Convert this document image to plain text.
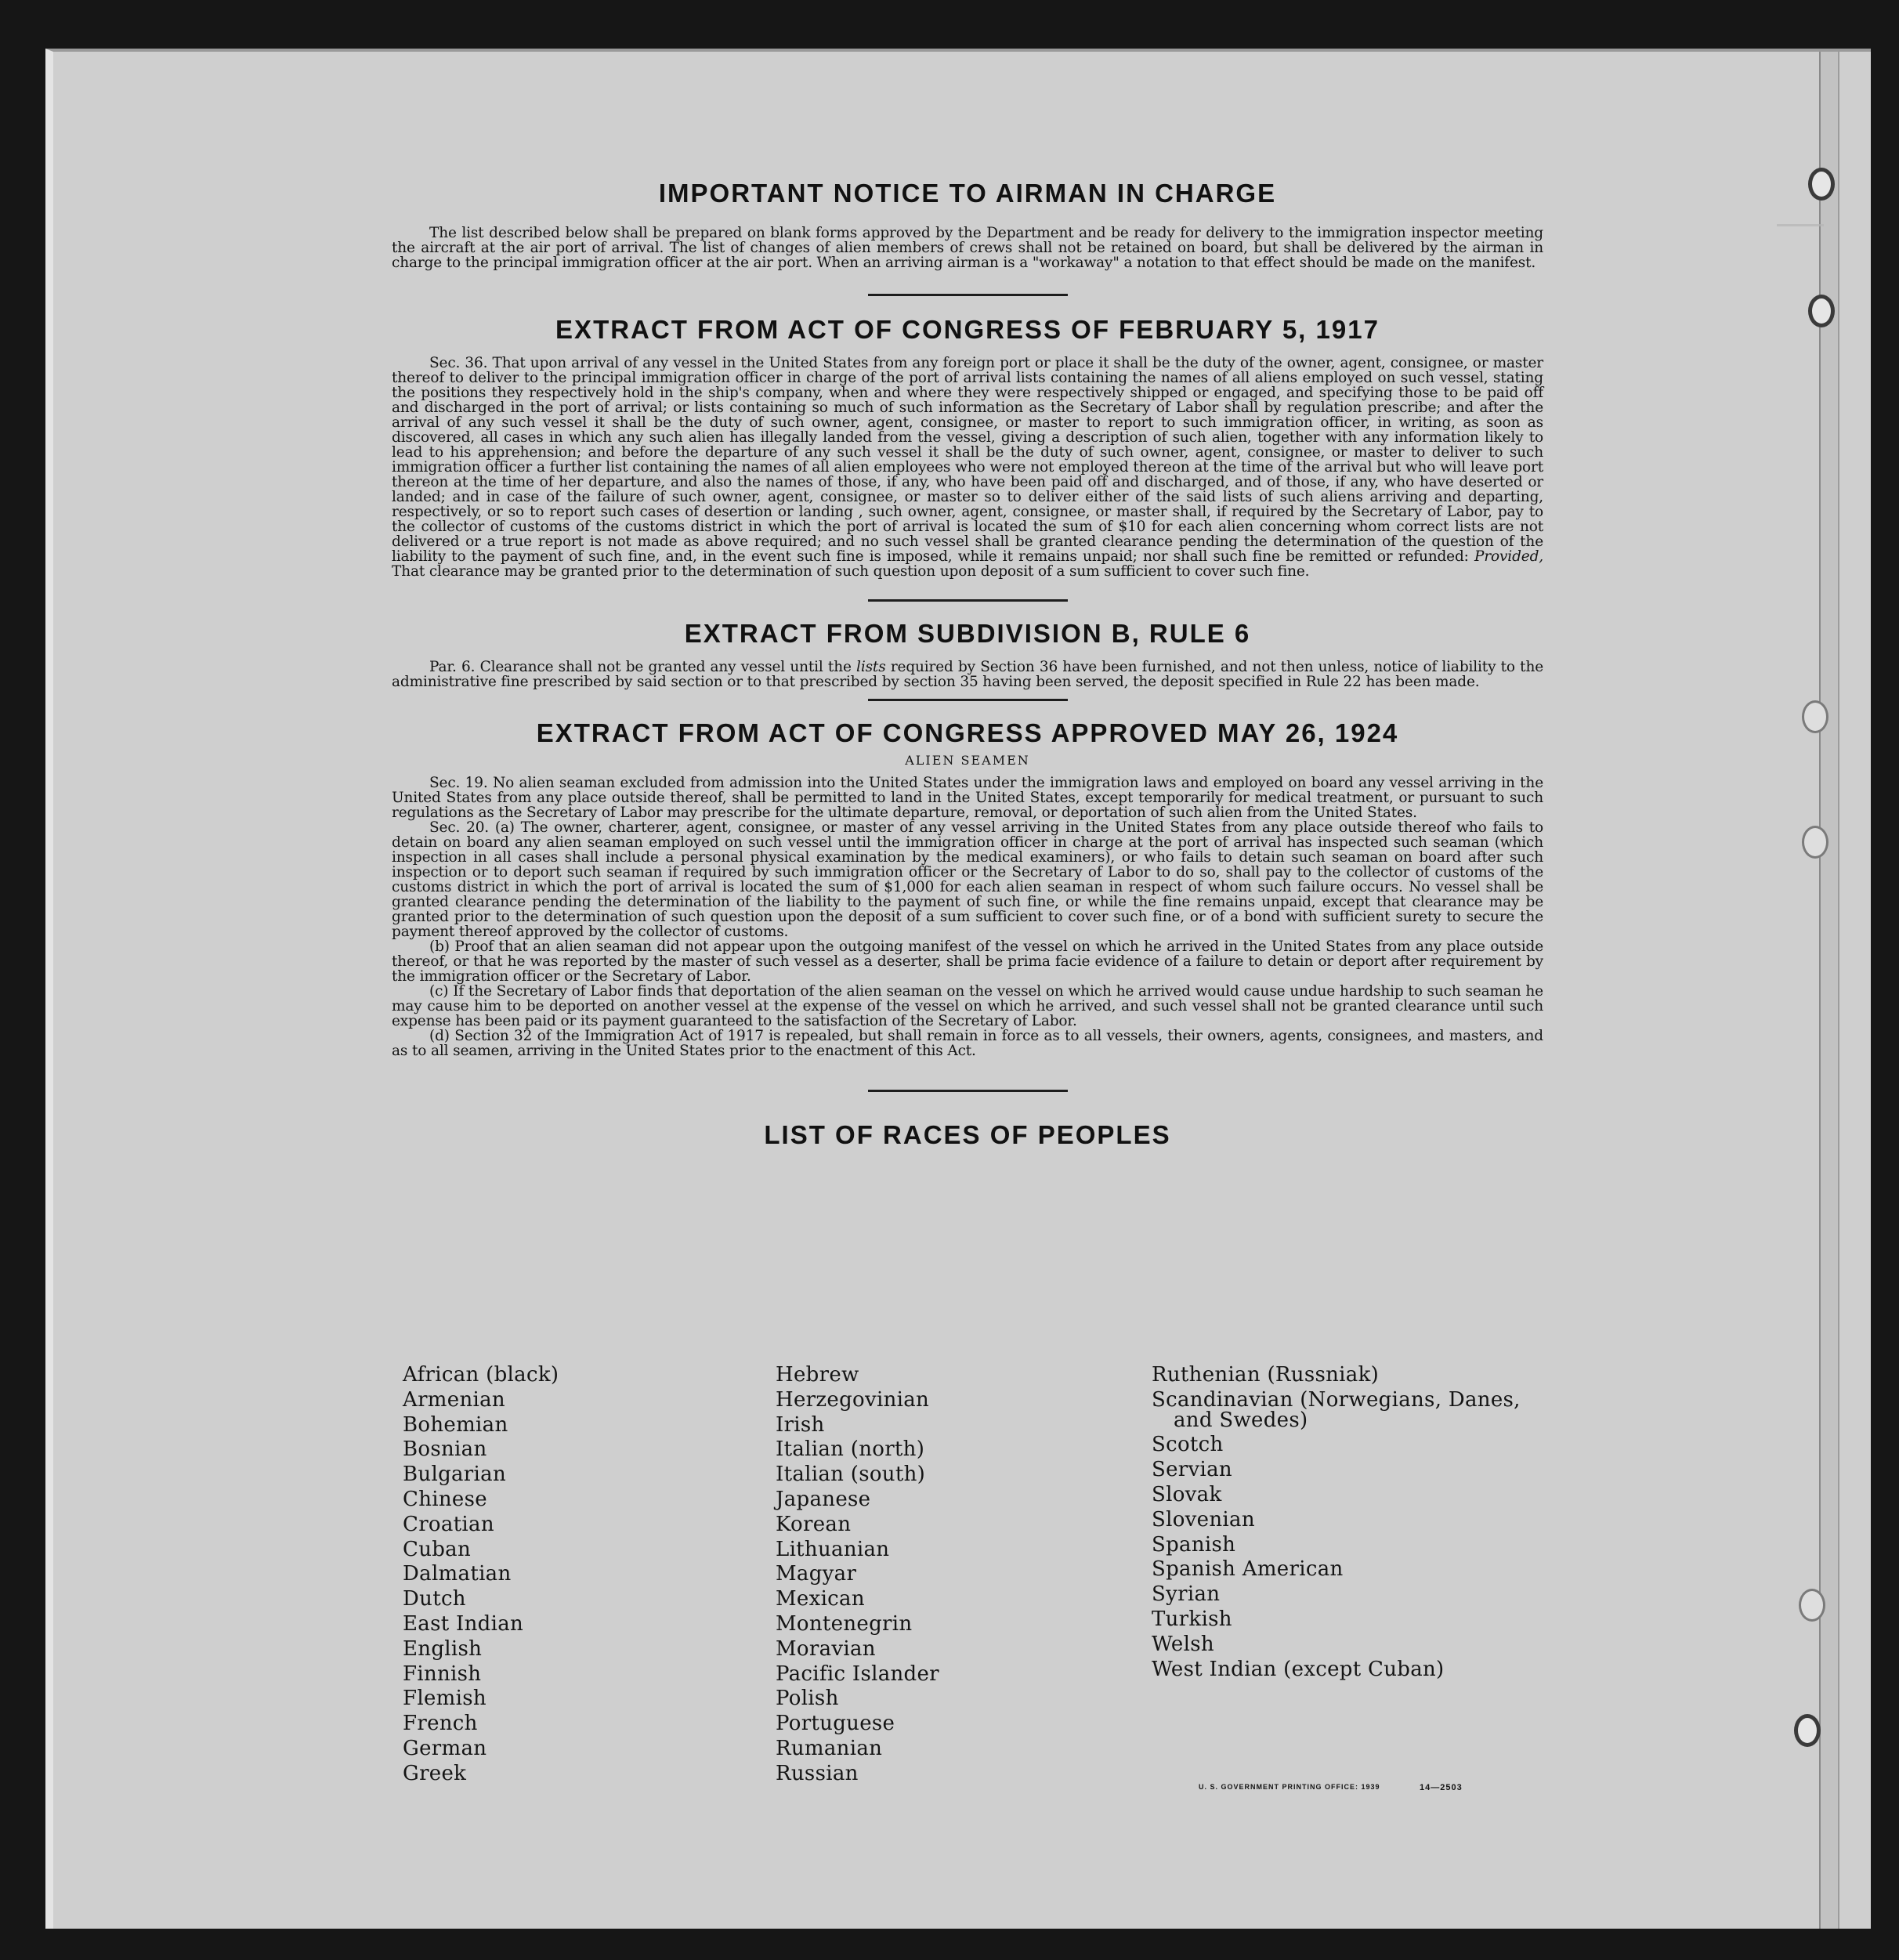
IMPORTANT NOTICE TO AIRMAN IN CHARGE

The list described below shall be prepared on blank forms approved by the Department and be ready for delivery to the immigration inspector meeting the aircraft at the air port of arrival. The list of changes of alien members of crews shall not be retained on board, but shall be delivered by the airman in charge to the principal immigration officer at the air port. When an arriving airman is a "workaway" a notation to that effect should be made on the manifest.

EXTRACT FROM ACT OF CONGRESS OF FEBRUARY 5, 1917

Sec. 36. That upon arrival of any vessel in the United States from any foreign port or place it shall be the duty of the owner, agent, consignee, or master thereof to deliver to the principal immigration officer in charge of the port of arrival lists containing the names of all aliens employed on such vessel, stating the positions they respectively hold in the ship's company, when and where they were respectively shipped or engaged, and specifying those to be paid off and discharged in the port of arrival; or lists containing so much of such information as the Secretary of Labor shall by regulation prescribe; and after the arrival of any such vessel it shall be the duty of such owner, agent, consignee, or master to report to such immigration officer, in writing, as soon as discovered, all cases in which any such alien has illegally landed from the vessel, giving a description of such alien, together with any information likely to lead to his apprehension; and before the departure of any such vessel it shall be the duty of such owner, agent, consignee, or master to deliver to such immigration officer a further list containing the names of all alien employees who were not employed thereon at the time of the arrival but who will leave port thereon at the time of her departure, and also the names of those, if any, who have been paid off and discharged, and of those, if any, who have deserted or landed; and in case of the failure of such owner, agent, consignee, or master so to deliver either of the said lists of such aliens arriving and departing, respectively, or so to report such cases of desertion or landing , such owner, agent, consignee, or master shall, if required by the Secretary of Labor, pay to the collector of customs of the customs district in which the port of arrival is located the sum of $10 for each alien concerning whom correct lists are not delivered or a true report is not made as above required; and no such vessel shall be granted clearance pending the determination of the question of the liability to the payment of such fine, and, in the event such fine is imposed, while it remains unpaid; nor shall such fine be remitted or refunded: Provided, That clearance may be granted prior to the determination of such question upon deposit of a sum sufficient to cover such fine.

EXTRACT FROM SUBDIVISION B, RULE 6

Par. 6. Clearance shall not be granted any vessel until the lists required by Section 36 have been furnished, and not then unless, notice of liability to the administrative fine prescribed by said section or to that prescribed by section 35 having been served, the deposit specified in Rule 22 has been made.

EXTRACT FROM ACT OF CONGRESS APPROVED MAY 26, 1924
ALIEN SEAMEN

Sec. 19. No alien seaman excluded from admission into the United States under the immigration laws and employed on board any vessel arriving in the United States from any place outside thereof, shall be permitted to land in the United States, except temporarily for medical treatment, or pursuant to such regulations as the Secretary of Labor may prescribe for the ultimate departure, removal, or deportation of such alien from the United States.

Sec. 20. (a) The owner, charterer, agent, consignee, or master of any vessel arriving in the United States from any place outside thereof who fails to detain on board any alien seaman employed on such vessel until the immigration officer in charge at the port of arrival has inspected such seaman (which inspection in all cases shall include a personal physical examination by the medical examiners), or who fails to detain such seaman on board after such inspection or to deport such seaman if required by such immigration officer or the Secretary of Labor to do so, shall pay to the collector of customs of the customs district in which the port of arrival is located the sum of $1,000 for each alien seaman in respect of whom such failure occurs. No vessel shall be granted clearance pending the determination of the liability to the payment of such fine, or while the fine remains unpaid, except that clearance may be granted prior to the determination of such question upon the deposit of a sum sufficient to cover such fine, or of a bond with sufficient surety to secure the payment thereof approved by the collector of customs.

(b) Proof that an alien seaman did not appear upon the outgoing manifest of the vessel on which he arrived in the United States from any place outside thereof, or that he was reported by the master of such vessel as a deserter, shall be prima facie evidence of a failure to detain or deport after requirement by the immigration officer or the Secretary of Labor.

(c) If the Secretary of Labor finds that deportation of the alien seaman on the vessel on which he arrived would cause undue hardship to such seaman he may cause him to be deported on another vessel at the expense of the vessel on which he arrived, and such vessel shall not be granted clearance until such expense has been paid or its payment guaranteed to the satisfaction of the Secretary of Labor.

(d) Section 32 of the Immigration Act of 1917 is repealed, but shall remain in force as to all vessels, their owners, agents, consignees, and masters, and as to all seamen, arriving in the United States prior to the enactment of this Act.

LIST OF RACES OF PEOPLES
African (black)
Armenian
Bohemian
Bosnian
Bulgarian
Chinese
Croatian
Cuban
Dalmatian
Dutch
East Indian
English
Finnish
Flemish
French
German
Greek
Hebrew
Herzegovinian
Irish
Italian (north)
Italian (south)
Japanese
Korean
Lithuanian
Magyar
Mexican
Montenegrin
Moravian
Pacific Islander
Polish
Portuguese
Rumanian
Russian
Ruthenian (Russniak)
Scandinavian (Norwegians, Danes,
and Swedes)
Scotch
Servian
Slovak
Slovenian
Spanish
Spanish American
Syrian
Turkish
Welsh
West Indian (except Cuban)
U. S. GOVERNMENT PRINTING OFFICE: 1939	14—2503
